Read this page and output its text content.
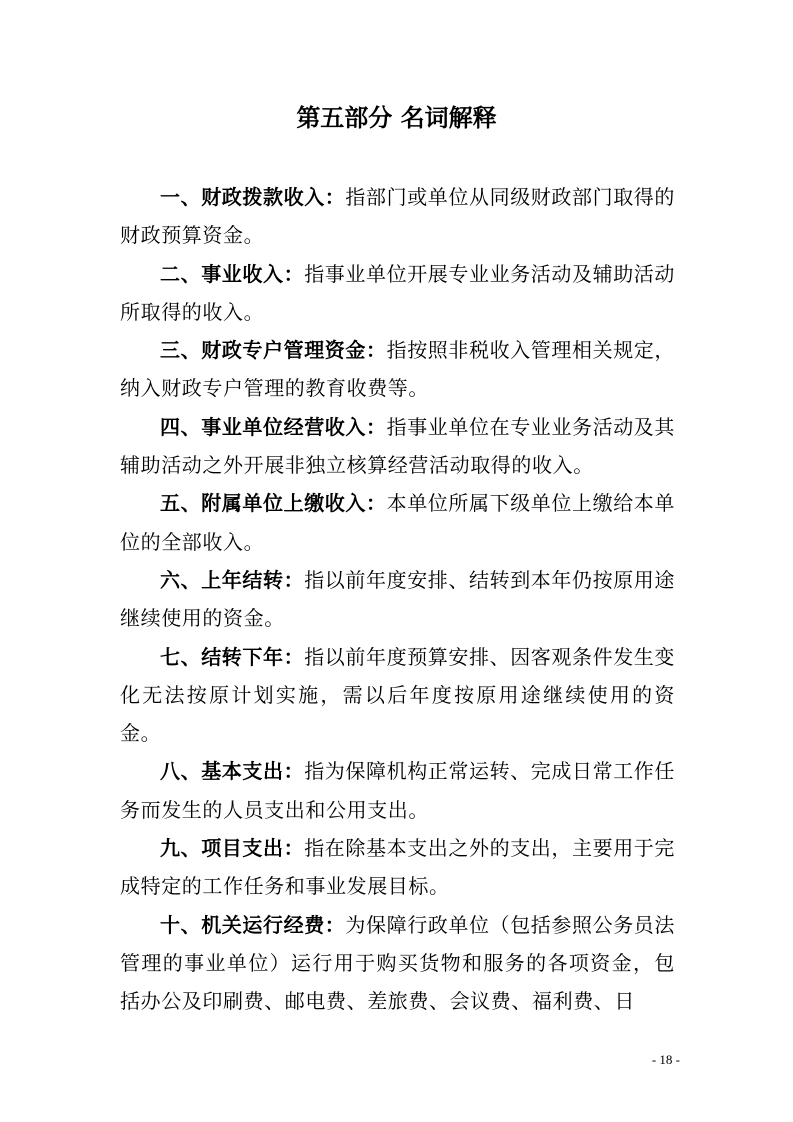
第五部分 名词解释

一、财政拨款收入：指部门或单位从同级财政部门取得的财政预算资金。

二、事业收入：指事业单位开展专业业务活动及辅助活动所取得的收入。

三、财政专户管理资金：指按照非税收入管理相关规定，纳入财政专户管理的教育收费等。

四、事业单位经营收入：指事业单位在专业业务活动及其辅助活动之外开展非独立核算经营活动取得的收入。

五、附属单位上缴收入：本单位所属下级单位上缴给本单位的全部收入。

六、上年结转：指以前年度安排、结转到本年仍按原用途继续使用的资金。

七、结转下年：指以前年度预算安排、因客观条件发生变化无法按原计划实施，需以后年度按原用途继续使用的资金。

八、基本支出：指为保障机构正常运转、完成日常工作任务而发生的人员支出和公用支出。

九、项目支出：指在除基本支出之外的支出，主要用于完成特定的工作任务和事业发展目标。

十、机关运行经费：为保障行政单位（包括参照公务员法管理的事业单位）运行用于购买货物和服务的各项资金，包括办公及印刷费、邮电费、差旅费、会议费、福利费、日

- 18 -
